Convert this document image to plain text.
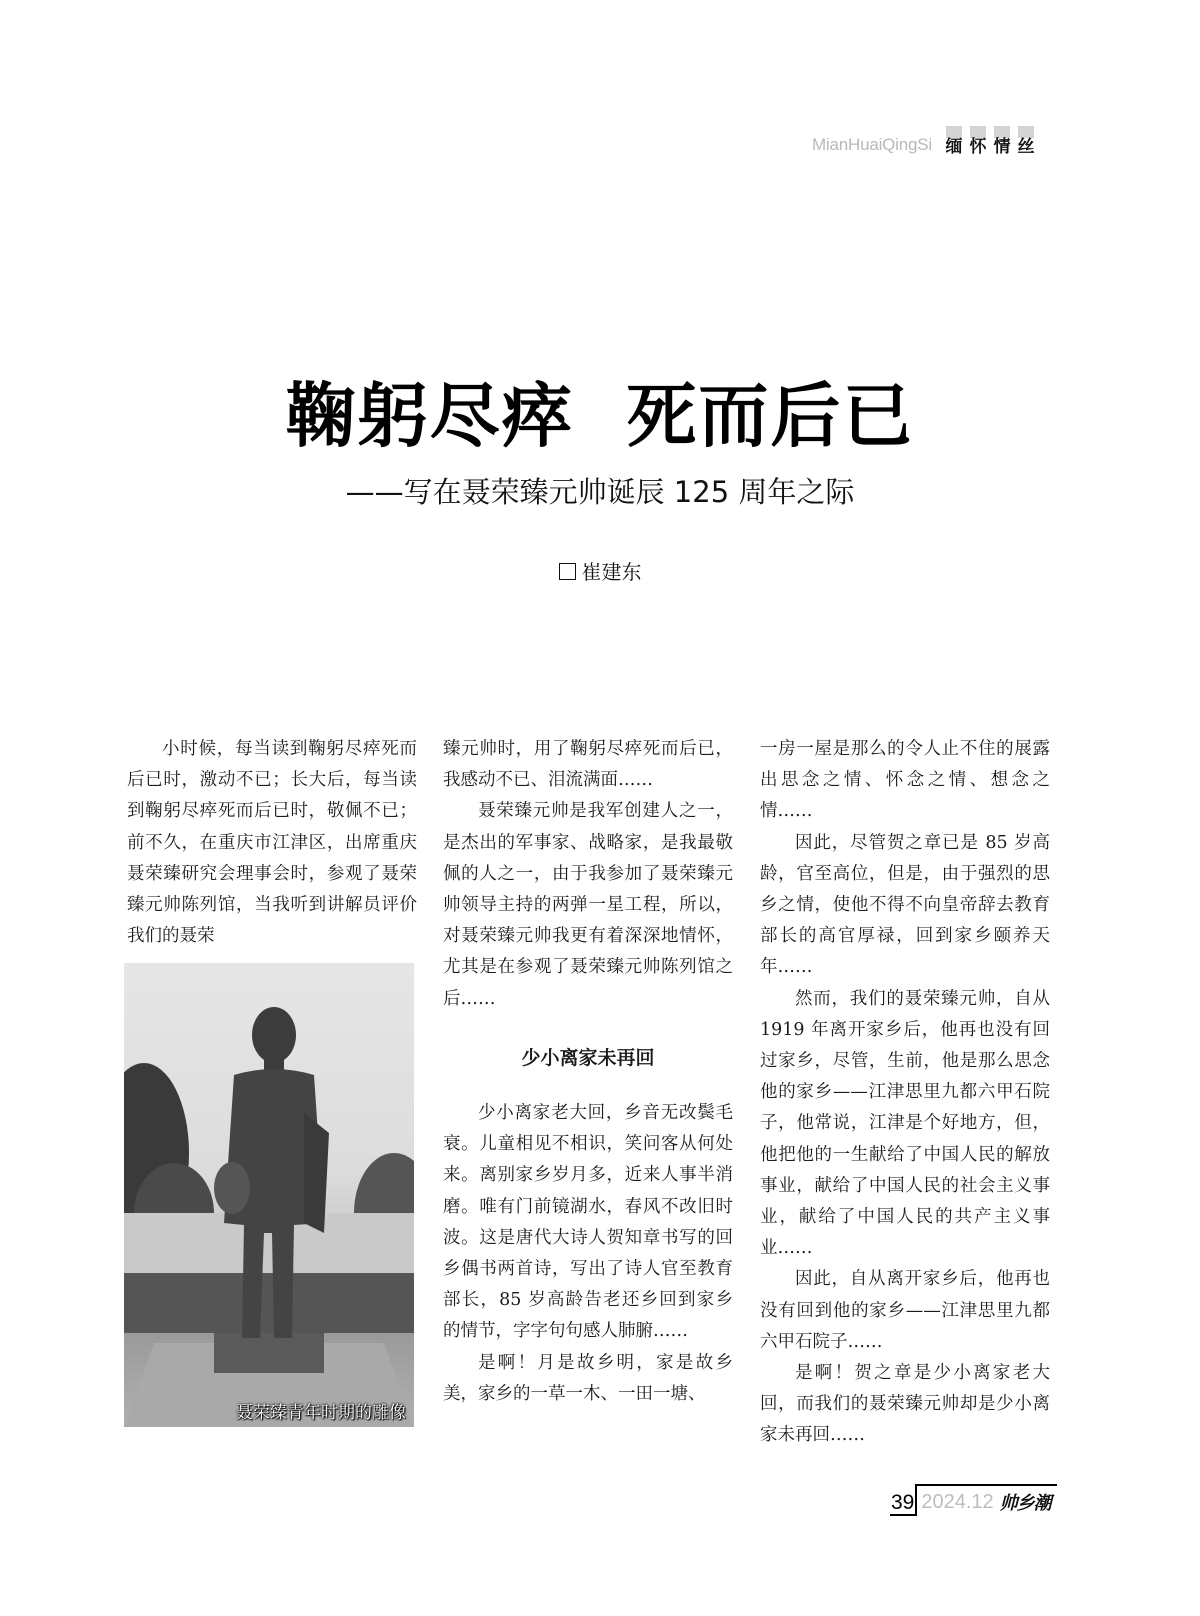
MianHuaiQingSi 缅 怀 情 丝
鞠躬尽瘁  死而后已
——写在聂荣臻元帅诞辰 125 周年之际
崔建东

小时候，每当读到鞠躬尽瘁死而后已时，激动不已；长大后，每当读到鞠躬尽瘁死而后已时，敬佩不已；前不久，在重庆市江津区，出席重庆聂荣臻研究会理事会时，参观了聂荣臻元帅陈列馆，当我听到讲解员评价我们的聂荣

聂荣臻青年时期的雕像

臻元帅时，用了鞠躬尽瘁死而后已，我感动不已、泪流满面……

聂荣臻元帅是我军创建人之一，是杰出的军事家、战略家，是我最敬佩的人之一，由于我参加了聂荣臻元帅领导主持的两弹一星工程，所以，对聂荣臻元帅我更有着深深地情怀，尤其是在参观了聂荣臻元帅陈列馆之后……

少小离家未再回

少小离家老大回，乡音无改鬓毛衰。儿童相见不相识，笑问客从何处来。离别家乡岁月多，近来人事半消磨。唯有门前镜湖水，春风不改旧时波。这是唐代大诗人贺知章书写的回乡偶书两首诗，写出了诗人官至教育部长，85 岁高龄告老还乡回到家乡的情节，字字句句感人肺腑……

是啊！月是故乡明，家是故乡美，家乡的一草一木、一田一塘、

一房一屋是那么的令人止不住的展露出思念之情、怀念之情、想念之情……

因此，尽管贺之章已是 85 岁高龄，官至高位，但是，由于强烈的思乡之情，使他不得不向皇帝辞去教育部长的高官厚禄，回到家乡颐养天年……

然而，我们的聂荣臻元帅，自从 1919 年离开家乡后，他再也没有回过家乡，尽管，生前，他是那么思念他的家乡——江津思里九都六甲石院子，他常说，江津是个好地方，但，他把他的一生献给了中国人民的解放事业，献给了中国人民的社会主义事业，献给了中国人民的共产主义事业……

因此，自从离开家乡后，他再也没有回到他的家乡——江津思里九都六甲石院子……

是啊！贺之章是少小离家老大回，而我们的聂荣臻元帅却是少小离家未再回……

39 2024.12 帅乡潮
